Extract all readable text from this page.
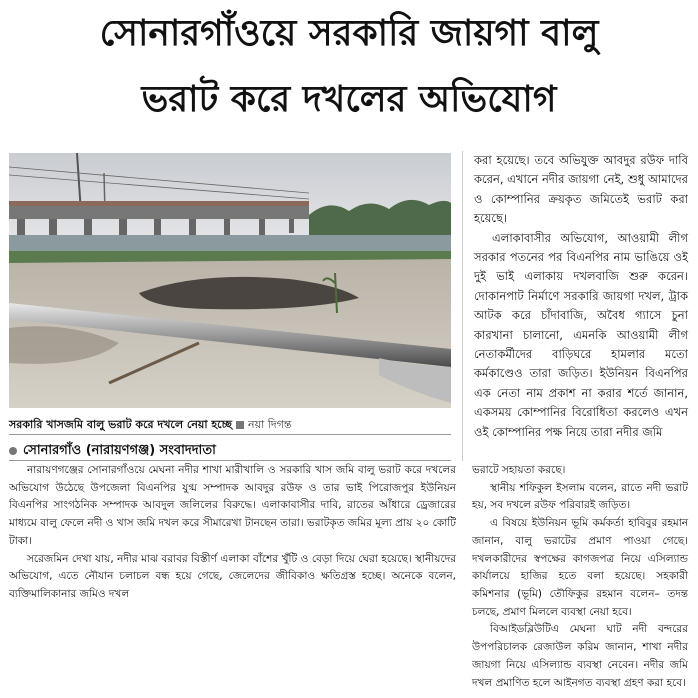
সোনারগাঁওয়ে সরকারি জায়গা বালু
ভরাট করে দখলের অভিযোগ
সরকারি খাসজমি বালু ভরাট করে দখলে নেয়া হচ্ছে নয়া দিগন্ত
সোনারগাঁও (নারায়ণগঞ্জ) সংবাদদাতা

করা হয়েছে। তবে অভিযুক্ত আবদুর রউফ দাবি করেন, এখানে নদীর জায়গা নেই, শুধু আমাদের ও কোম্পানির ক্রয়কৃত জমিতেই ভরাট করা হয়েছে।

এলাকাবাসীর অভিযোগ, আওয়ামী লীগ সরকার পতনের পর বিএনপির নাম ভাঙিয়ে ওই দুই ভাই এলাকায় দখলবাজি শুরু করেন। দোকানপাট নির্মাণে সরকারি জায়গা দখল, ট্রাক আটক করে চাঁদাবাজি, অবৈধ গ্যাসে চুনা কারখানা চালানো, এমনকি আওয়ামী লীগ নেতাকর্মীদের বাড়িঘরে হামলার মতো কর্মকাণ্ডেও তারা জড়িত। ইউনিয়ন বিএনপির এক নেতা নাম প্রকাশ না করার শর্তে জানান, একসময় কোম্পানির বিরোধিতা করলেও এখন ওই কোম্পানির পক্ষ নিয়ে তারা নদীর জমি

নারায়ণগঞ্জের সোনারগাঁওয়ে মেঘনা নদীর শাখা মারীখালি ও সরকারি খাস জমি বালু ভরাট করে দখলের অভিযোগ উঠেছে উপজেলা বিএনপির যুগ্ম সম্পাদক আবদুর রউফ ও তার ভাই পিরোজপুর ইউনিয়ন বিএনপির সাংগঠনিক সম্পাদক আবদুল জলিলের বিরুদ্ধে। এলাকাবাসীর দাবি, রাতের আঁধারে ড্রেজারের মাধ্যমে বালু ফেলে নদী ও খাস জমি দখল করে সীমারেখা টানছেন তারা। ভরাটকৃত জমির মূল্য প্রায় ২০ কোটি টাকা।

সরেজমিন দেখা যায়, নদীর মাঝ বরাবর বিস্তীর্ণ এলাকা বাঁশের খুঁটি ও বেড়া দিয়ে ঘেরা হয়েছে। স্থানীয়দের অভিযোগ, এতে নৌযান চলাচল বন্ধ হয়ে গেছে, জেলেদের জীবিকাও ক্ষতিগ্রস্ত হচ্ছে। অনেকে বলেন, ব্যক্তিমালিকানার জমিও দখল

ভরাটে সহায়তা করছে।

স্থানীয় শফিকুল ইসলাম বলেন, রাতে নদী ভরাট হয়, সব দখলে রউফ পরিবারই জড়িত।

এ বিষয়ে ইউনিয়ন ভূমি কর্মকর্তা হাবিবুর রহমান জানান, বালু ভরাটের প্রমাণ পাওয়া গেছে। দখলকারীদের স্বপক্ষের কাগজপত্র নিয়ে এসিল্যান্ড কার্যালয়ে হাজির হতে বলা হয়েছে। সহকারী কমিশনার (ভূমি) তৌফিকুর রহমান বলেন– তদন্ত চলছে, প্রমাণ মিললে ব্যবস্থা নেয়া হবে।

বিআইডব্লিউটিএ মেঘনা ঘাট নদী বন্দরের উপপরিচালক রেজাউল করিম জানান, শাখা নদীর জায়গা নিয়ে এসিল্যান্ড ব্যবস্থা নেবেন। নদীর জমি দখল প্রমাণিত হলে আইনগত ব্যবস্থা গ্রহণ করা হবে।
